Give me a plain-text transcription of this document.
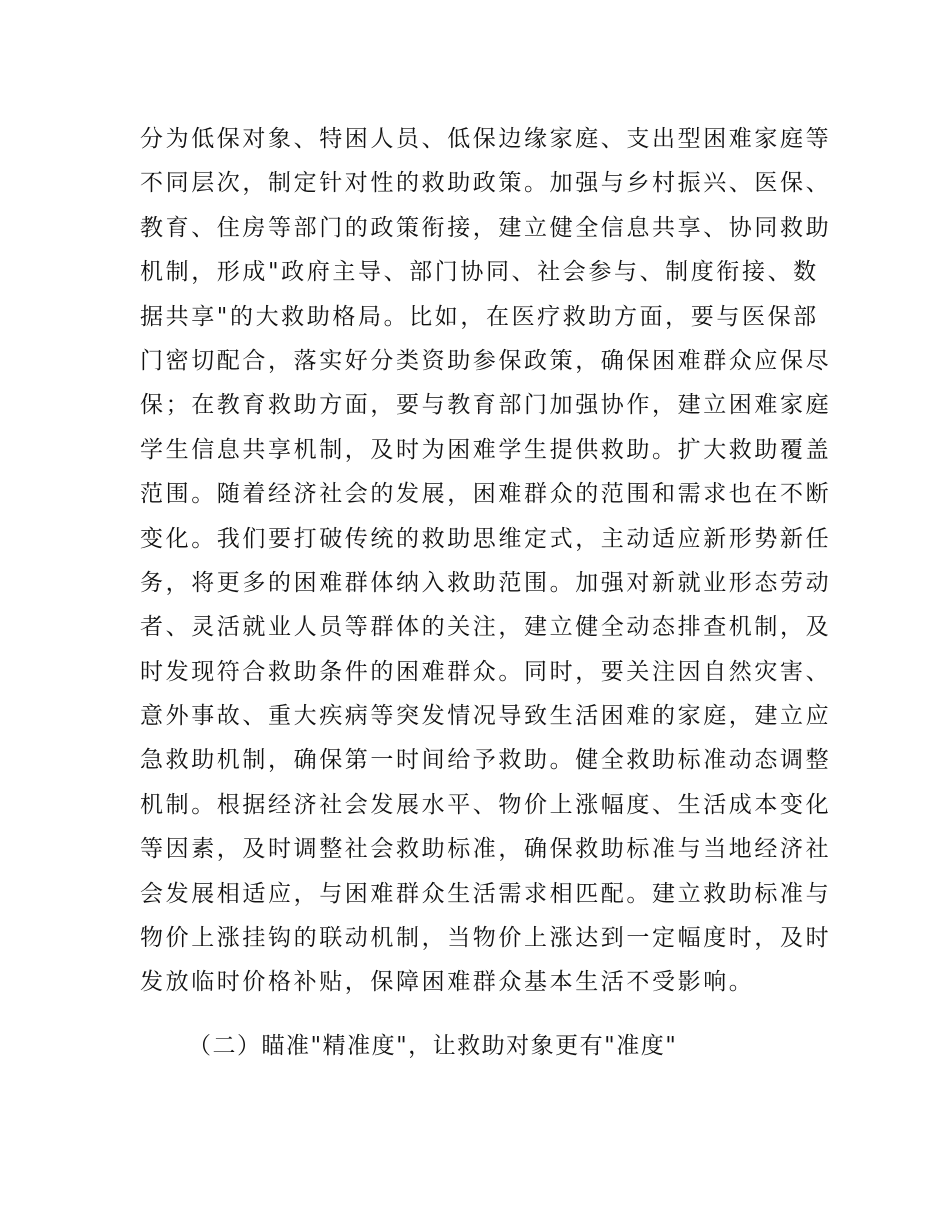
分为低保对象、特困人员、低保边缘家庭、支出型困难家庭等
不同层次，制定针对性的救助政策。加强与乡村振兴、医保、
教育、住房等部门的政策衔接，建立健全信息共享、协同救助
机制，形成"政府主导、部门协同、社会参与、制度衔接、数
据共享"的大救助格局。比如，在医疗救助方面，要与医保部
门密切配合，落实好分类资助参保政策，确保困难群众应保尽
保；在教育救助方面，要与教育部门加强协作，建立困难家庭
学生信息共享机制，及时为困难学生提供救助。扩大救助覆盖
范围。随着经济社会的发展，困难群众的范围和需求也在不断
变化。我们要打破传统的救助思维定式，主动适应新形势新任
务，将更多的困难群体纳入救助范围。加强对新就业形态劳动
者、灵活就业人员等群体的关注，建立健全动态排查机制，及
时发现符合救助条件的困难群众。同时，要关注因自然灾害、
意外事故、重大疾病等突发情况导致生活困难的家庭，建立应
急救助机制，确保第一时间给予救助。健全救助标准动态调整
机制。根据经济社会发展水平、物价上涨幅度、生活成本变化
等因素，及时调整社会救助标准，确保救助标准与当地经济社
会发展相适应，与困难群众生活需求相匹配。建立救助标准与
物价上涨挂钩的联动机制，当物价上涨达到一定幅度时，及时
发放临时价格补贴，保障困难群众基本生活不受影响。
（二）瞄准"精准度"，让救助对象更有"准度"
